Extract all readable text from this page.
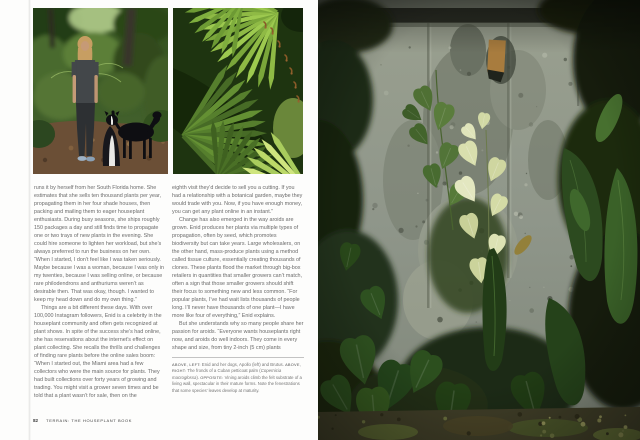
runs it by herself from her South Florida home. She estimates that she sells ten thousand plants per year, propagating them in her four shade houses, then packing and mailing them to eager houseplant enthusiasts. During busy seasons, she ships roughly 150 packages a day and still finds time to propagate one or two trays of new plants in the evening. She could hire someone to lighten her workload, but she’s always preferred to run the business on her own. “When I started, I don’t feel like I was taken seriously. Maybe because I was a woman, because I was only in my twenties, because I was selling online, or because rare philodendrons and anthuriums weren’t as desirable then. That was okay, though. I wanted to keep my head down and do my own thing.”

Things are a bit different these days. With over 100,000 Instagram followers, Enid is a celebrity in the houseplant community and often gets recognized at plant shows. In spite of the success she’s had online, she has reservations about the internet’s effect on plant collecting. She recalls the thrills and challenges of finding rare plants before the online sales boom: “When I started out, the Miami area had a few collectors who were the main source for plants. They had built collections over forty years of growing and trading. You might visit a grower seven times and be told that a plant wasn’t for sale, then on the

eighth visit they’d decide to sell you a cutting. If you had a relationship with a botanical garden, maybe they would trade with you. Now, if you have enough money, you can get any plant online in an instant.”

Change has also emerged in the way aroids are grown. Enid produces her plants via multiple types of propagation, often by seed, which promotes biodiversity but can take years. Large wholesalers, on the other hand, mass-produce plants using a method called tissue culture, essentially creating thousands of clones. These plants flood the market through big-box retailers in quantities that smaller growers can’t match, often a sign that those smaller growers should shift their focus to something new and less common. “For popular plants, I’ve had wait lists thousands of people long. I’ll never have thousands of one plant—I have more like four of everything,” Enid explains.

But she understands why so many people share her passion for aroids. “Everyone wants houseplants right now, and aroids do well indoors. They come in every shape and size, from tiny 2-inch (5 cm) plants

ABOVE, LEFT: Enid and her dogs, Apollo (left) and Brutus. ABOVE, RIGHT: The fronds of a Cuban petticoat palm (Copernicia macroglossa). OPPOSITE: Vining aroids climb the felt substrate of a living wall, spectacular in their mature forms. Note the fenestrations that some species’ leaves develop at maturity.

82 TERRAIN: THE HOUSEPLANT BOOK
